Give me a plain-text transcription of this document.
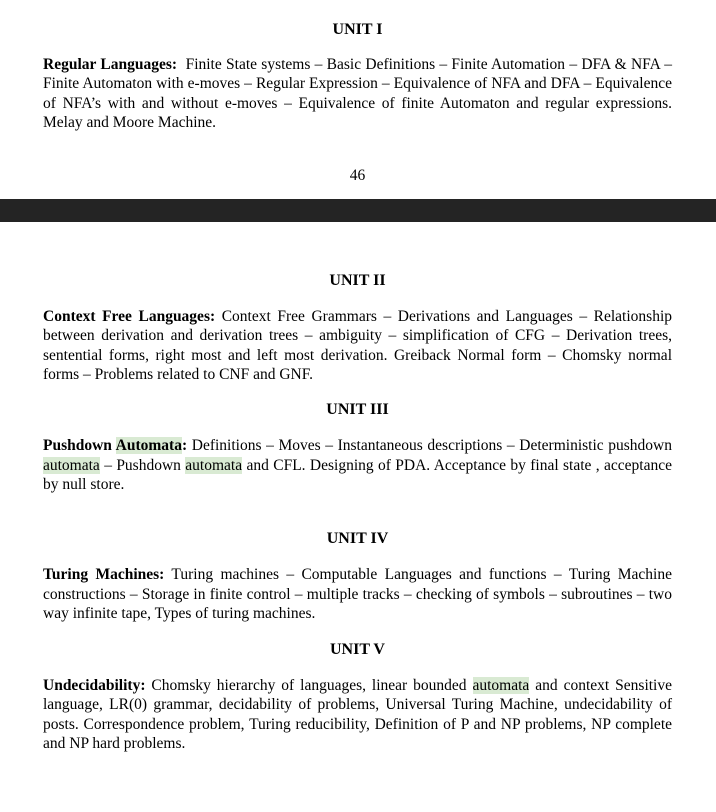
UNIT I

Regular Languages:  Finite State systems – Basic Definitions – Finite Automation – DFA & NFA – Finite Automaton with e-moves – Regular Expression – Equivalence of NFA and DFA – Equivalence of NFA’s with and without e-moves – Equivalence of finite Automaton and regular expressions. Melay and Moore Machine.

46
UNIT II

Context Free Languages: Context Free Grammars – Derivations and Languages – Relationship between derivation and derivation trees – ambiguity – simplification of CFG – Derivation trees, sentential forms, right most and left most derivation. Greiback Normal form – Chomsky normal forms – Problems related to CNF and GNF.

UNIT III

Pushdown Automata: Definitions – Moves – Instantaneous descriptions – Deterministic pushdown automata – Pushdown automata and CFL. Designing of PDA. Acceptance by final state , acceptance by null store.

UNIT IV

Turing Machines: Turing machines – Computable Languages and functions – Turing Machine constructions – Storage in finite control – multiple tracks – checking of symbols – subroutines – two way infinite tape, Types of turing machines.

UNIT V

Undecidability: Chomsky hierarchy of languages, linear bounded automata and context Sensitive language, LR(0) grammar, decidability of problems, Universal Turing Machine, undecidability of posts. Correspondence problem, Turing reducibility, Definition of P and NP problems, NP complete and NP hard problems.
